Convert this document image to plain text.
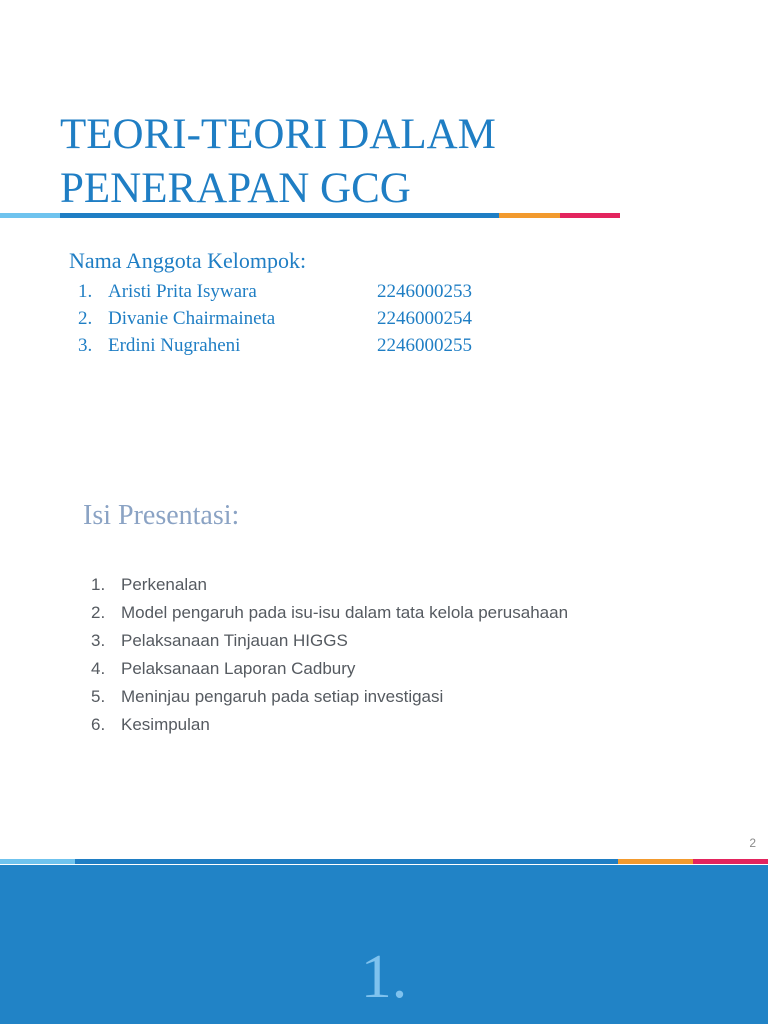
TEORI-TEORI DALAM
PENERAPAN GCG
Nama Anggota Kelompok:
1. Aristi Prita Isywara	2246000253
2. Divanie Chairmaineta	2246000254
3. Erdini Nugraheni	2246000255
Isi Presentasi:
1. Perkenalan
2. Model pengaruh pada isu-isu dalam tata kelola perusahaan
3. Pelaksanaan Tinjauan HIGGS
4. Pelaksanaan Laporan Cadbury
5. Meninjau pengaruh pada setiap investigasi
6. Kesimpulan
2
1.
